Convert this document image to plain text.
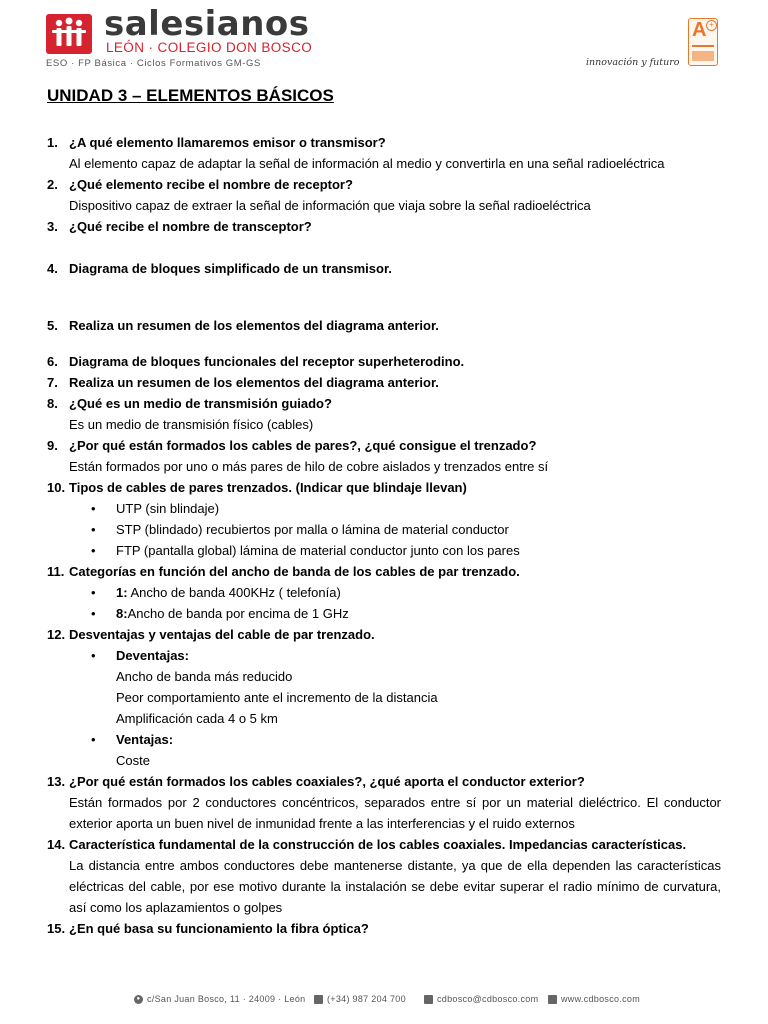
salesianos
LEÓN · COLEGIO DON BOSCO
ESO · FP Básica · Ciclos Formativos GM-GS	innovación y futuro
A +
UNIDAD 3 – ELEMENTOS BÁSICOS
1. ¿A qué elemento llamaremos emisor o transmisor?
Al elemento capaz de adaptar la señal de información al medio y convertirla en una señal radioeléctrica
2. ¿Qué elemento recibe el nombre de receptor?
Dispositivo capaz de extraer la señal de información que viaja sobre la señal radioeléctrica
3. ¿Qué recibe el nombre de transceptor?
4. Diagrama de bloques simplificado de un transmisor.
5. Realiza un resumen de los elementos del diagrama anterior.
6. Diagrama de bloques funcionales del receptor superheterodino.
7. Realiza un resumen de los elementos del diagrama anterior.
8. ¿Qué es un medio de transmisión guiado?
Es un medio de transmisión físico (cables)
9. ¿Por qué están formados los cables de pares?, ¿qué consigue el trenzado?
Están formados por uno o más pares de hilo de cobre aislados y trenzados entre sí
10. Tipos de cables de pares trenzados. (Indicar que blindaje llevan)
•	UTP (sin blindaje)
•	STP (blindado) recubiertos por malla o lámina de material conductor
•	FTP (pantalla global) lámina de material conductor junto con los pares
11. Categorías en función del ancho de banda de los cables de par trenzado.
•	1: Ancho de banda 400KHz ( telefonía)
•	8:Ancho de banda por encima de 1 GHz
12. Desventajas y ventajas del cable de par trenzado.
•	Deventajas:
Ancho de banda más reducido
Peor comportamiento ante el incremento de la distancia
Amplificación cada 4 o 5 km
•	Ventajas:
Coste
13. ¿Por qué están formados los cables coaxiales?, ¿qué aporta el conductor exterior?
Están formados por 2 conductores concéntricos, separados entre sí por un material dieléctrico. El conductor exterior aporta un buen nivel de inmunidad frente a las interferencias y el ruido externos
14. Característica fundamental de la construcción de los cables coaxiales. Impedancias características.
La distancia entre ambos conductores debe mantenerse distante, ya que de ella dependen las características eléctricas del cable, por ese motivo durante la instalación se debe evitar superar el radio mínimo de curvatura, así como los aplazamientos o golpes
15. ¿En qué basa su funcionamiento la fibra óptica?
● c/San Juan Bosco, 11 · 24009 · León (+34) 987 204 700	cdbosco@cdbosco.com	www.cdbosco.com
